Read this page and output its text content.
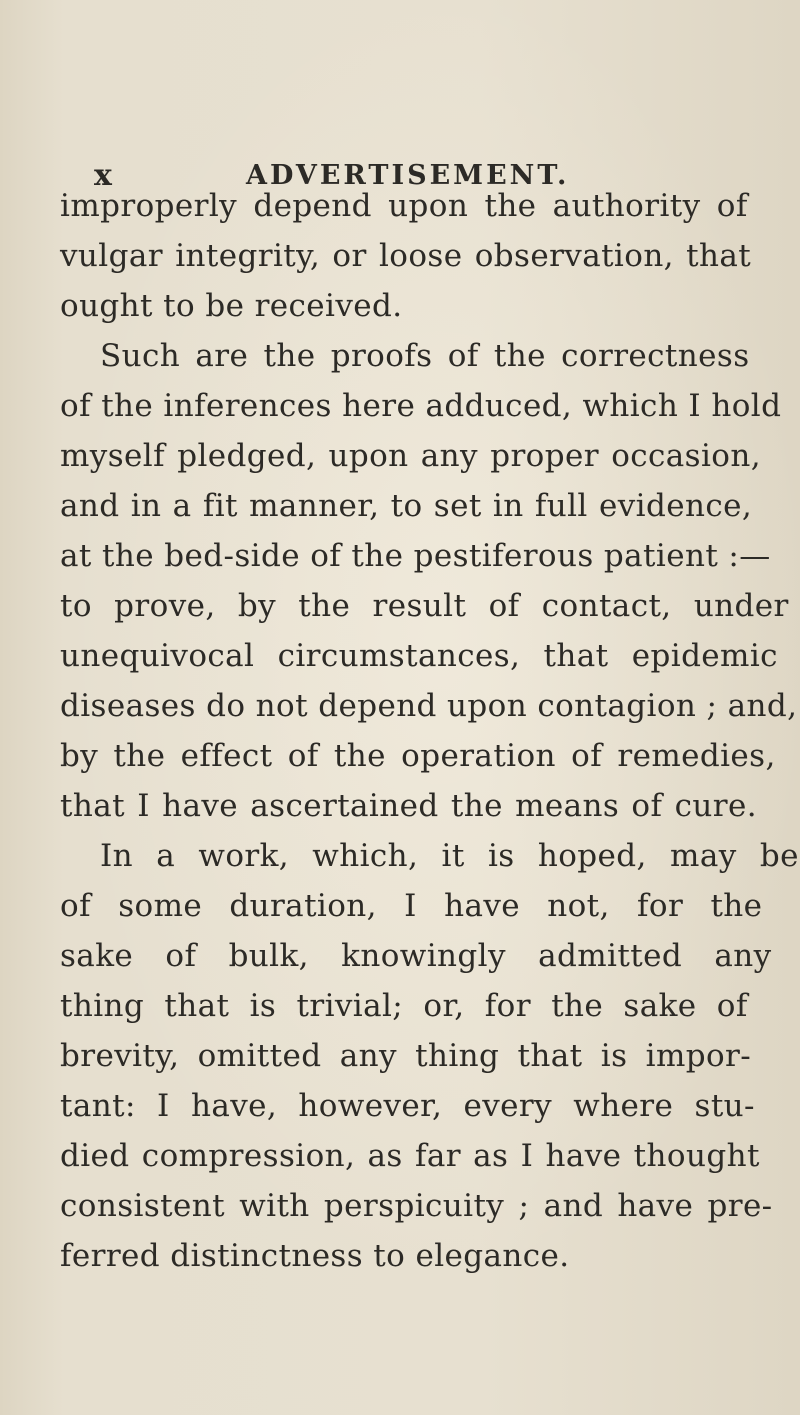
x	ADVERTISEMENT.
improperly depend upon the authority of
vulgar integrity, or loose observation, that
ought to be received.
Such are the proofs of the correctness
of the inferences here adduced, which I hold
myself pledged, upon any proper occasion,
and in a fit manner, to set in full evidence,
at the bed-side of the pestiferous patient :—
to prove, by the result of contact, under
unequivocal circumstances, that epidemic
diseases do not depend upon contagion ; and,
by the effect of the operation of remedies,
that I have ascertained the means of cure.
In a work, which, it is hoped, may be
of some duration, I have not, for the
sake of bulk, knowingly admitted any
thing that is trivial; or, for the sake of
brevity, omitted any thing that is impor-
tant: I have, however, every where stu-
died compression, as far as I have thought
consistent with perspicuity ; and have pre-
ferred distinctness to elegance.
